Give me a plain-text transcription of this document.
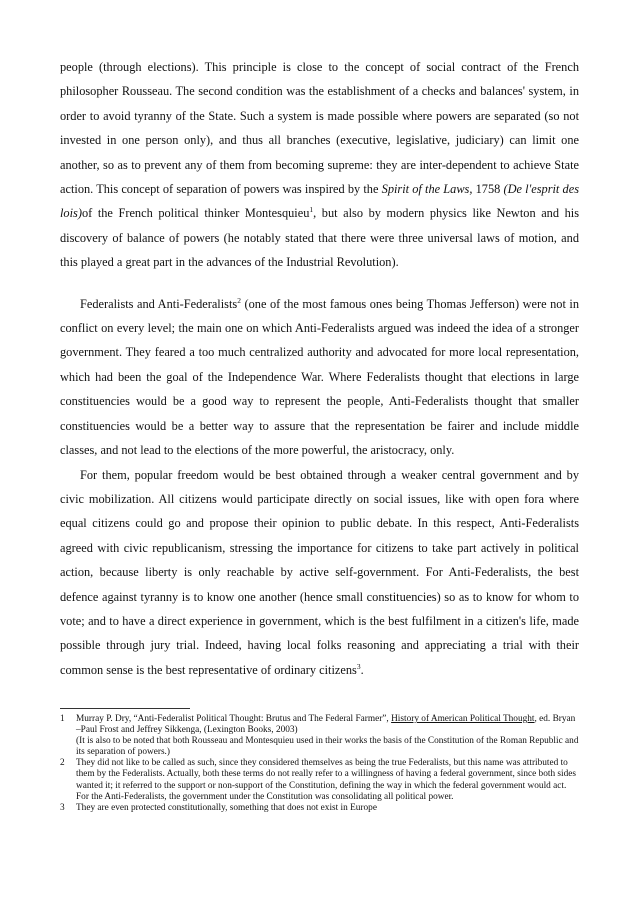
people (through elections). This principle is close to the concept of social contract of the French philosopher Rousseau. The second condition was the establishment of a checks and balances' system, in order to avoid tyranny of the State. Such a system is made possible where powers are separated (so not invested in one person only), and thus all branches (executive, legislative, judiciary) can limit one another, so as to prevent any of them from becoming supreme: they are inter-dependent to achieve State action. This concept of separation of powers was inspired by the Spirit of the Laws, 1758 (De l'esprit des lois)of the French political thinker Montesquieu$^1$, but also by modern physics like Newton and his discovery of balance of powers (he notably stated that there were three universal laws of motion, and this played a great part in the advances of the Industrial Revolution).

Federalists and Anti-Federalists$^2$ (one of the most famous ones being Thomas Jefferson) were not in conflict on every level; the main one on which Anti-Federalists argued was indeed the idea of a stronger government. They feared a too much centralized authority and advocated for more local representation, which had been the goal of the Independence War. Where Federalists thought that elections in large constituencies would be a good way to represent the people, Anti-Federalists thought that smaller constituencies would be a better way to assure that the representation be fairer and include middle classes, and not lead to the elections of the more powerful, the aristocracy, only.

For them, popular freedom would be best obtained through a weaker central government and by civic mobilization. All citizens would participate directly on social issues, like with open fora where equal citizens could go and propose their opinion to public debate. In this respect, Anti-Federalists agreed with civic republicanism, stressing the importance for citizens to take part actively in political action, because liberty is only reachable by active self-government. For Anti-Federalists, the best defence against tyranny is to know one another (hence small constituencies) so as to know for whom to vote; and to have a direct experience in government, which is the best fulfilment in a citizen's life, made possible through jury trial. Indeed, having local folks reasoning and appreciating a trial with their common sense is the best representative of ordinary citizens$^3$.

1	Murray P. Dry, “Anti-Federalist Political Thought: Brutus and The Federal Farmer”, History of American Political Thought, ed. Bryan –Paul Frost and Jeffrey Sikkenga, (Lexington Books, 2003)
(It is also to be noted that both Rousseau and Montesquieu used in their works the basis of the Constitution of the Roman Republic and its separation of powers.)
2	They did not like to be called as such, since they considered themselves as being the true Federalists, but this name was attributed to them by the Federalists. Actually, both these terms do not really refer to a willingness of having a federal government, since both sides wanted it; it referred to the support or non-support of the Constitution, defining the way in which the federal government would act. For the Anti-Federalists, the government under the Constitution was consolidating all political power.
3	They are even protected constitutionally, something that does not exist in Europe
